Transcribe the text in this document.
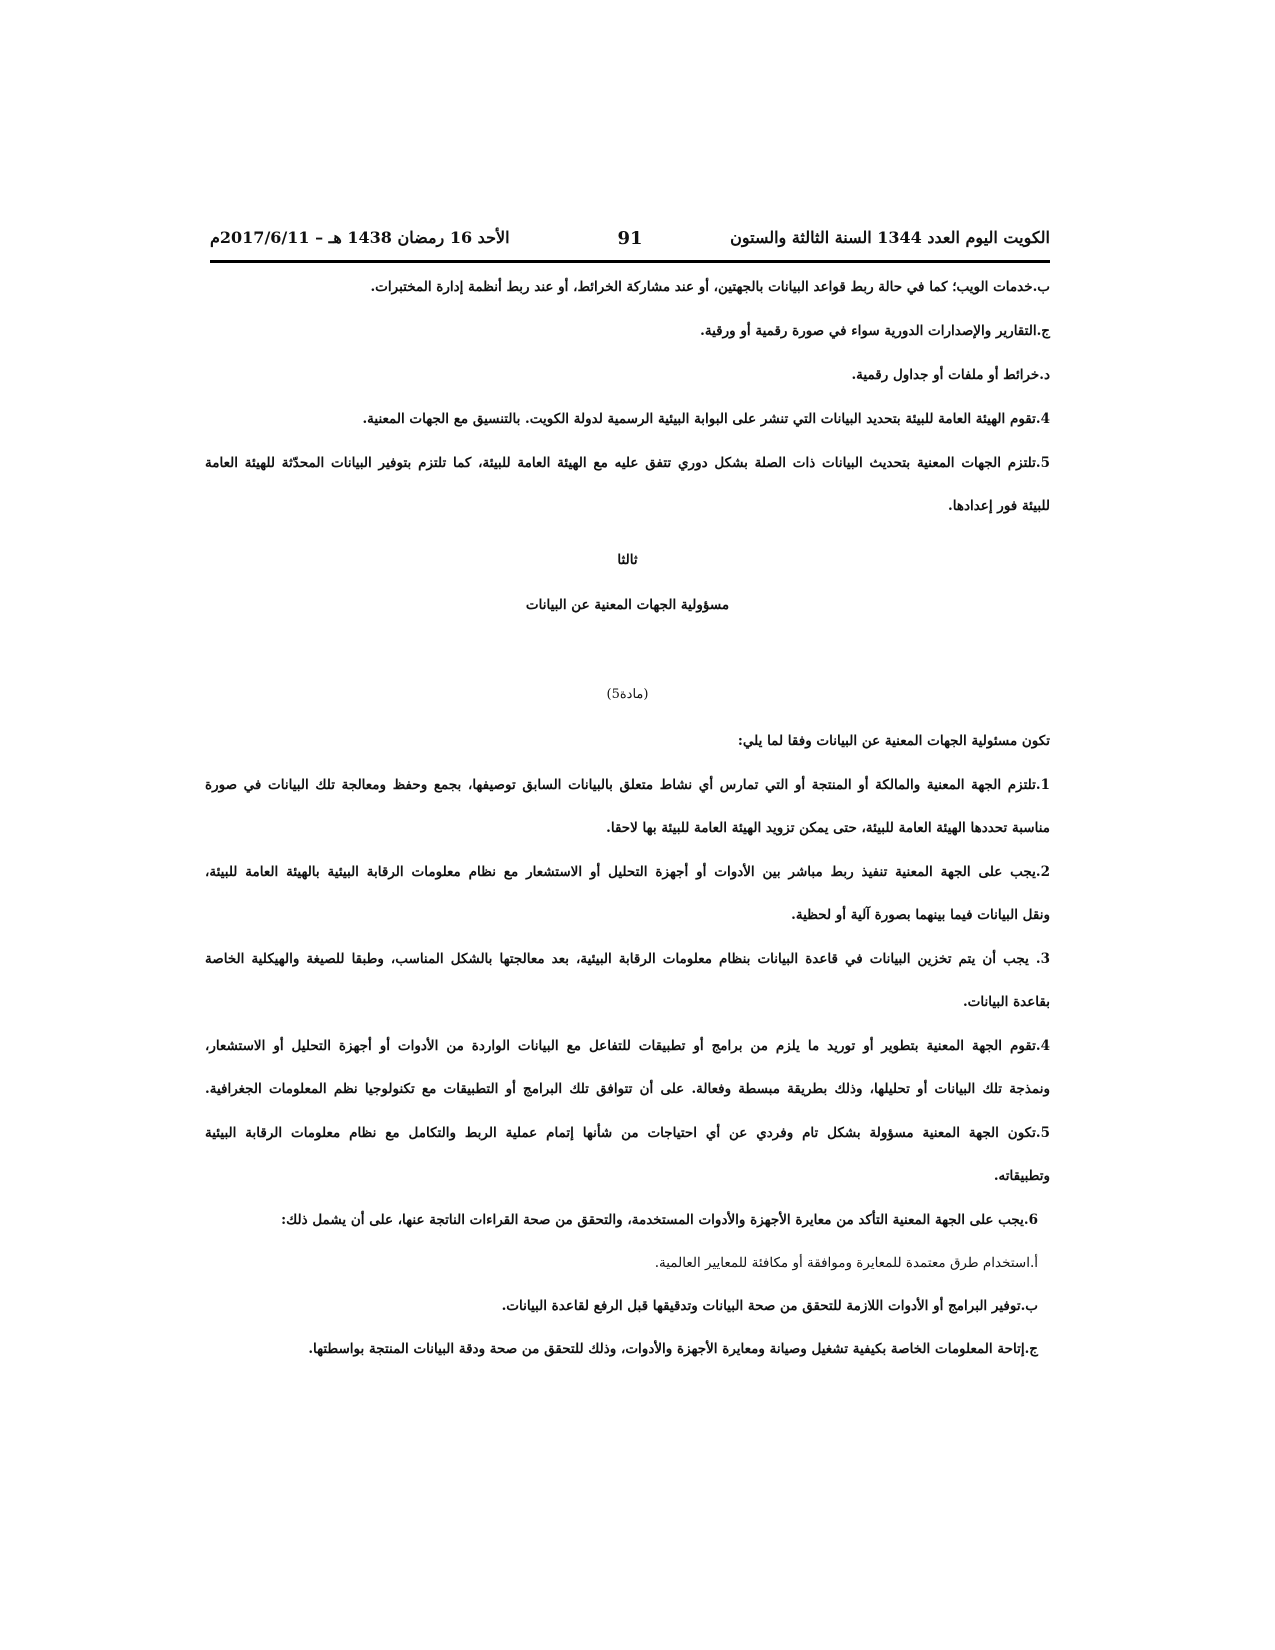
الكويت اليوم العدد 1344 السنة الثالثة والستون
91
الأحد 16 رمضان 1438 هـ – 2017/6/11م

ب.خدمات الويب؛ كما في حالة ربط قواعد البيانات بالجهتين، أو عند مشاركة الخرائط، أو عند ربط أنظمة إدارة المختبرات.

ج.التقارير والإصدارات الدورية سواء في صورة رقمية أو ورقية.

د.خرائط أو ملفات أو جداول رقمية.

4.تقوم الهيئة العامة للبيئة بتحديد البيانات التي تنشر على البوابة البيئية الرسمية لدولة الكويت. بالتنسيق مع الجهات المعنية.

5.تلتزم الجهات المعنية بتحديث البيانات ذات الصلة بشكل دوري تتفق عليه مع الهيئة العامة للبيئة، كما تلتزم بتوفير البيانات المحدّثة للهيئة العامة

للبيئة فور إعدادها.

ثالثا

مسؤولية الجهات المعنية عن البيانات

(مادة5)

تكون مسئولية الجهات المعنية عن البيانات وفقا لما يلي:

1.تلتزم الجهة المعنية والمالكة أو المنتجة أو التي تمارس أي نشاط متعلق بالبيانات السابق توصيفها، بجمع وحفظ ومعالجة تلك البيانات في صورة

مناسبة تحددها الهيئة العامة للبيئة، حتى يمكن تزويد الهيئة العامة للبيئة بها لاحقا.

2.يجب على الجهة المعنية تنفيذ ربط مباشر بين الأدوات أو أجهزة التحليل أو الاستشعار مع نظام معلومات الرقابة البيئية بالهيئة العامة للبيئة،

ونقل البيانات فيما بينهما بصورة آلية أو لحظية.

3. يجب أن يتم تخزين البيانات في قاعدة البيانات بنظام معلومات الرقابة البيئية، بعد معالجتها بالشكل المناسب، وطبقا للصيغة والهيكلية الخاصة

بقاعدة البيانات.

4.تقوم الجهة المعنية بتطوير أو توريد ما يلزم من برامج أو تطبيقات للتفاعل مع البيانات الواردة من الأدوات أو أجهزة التحليل أو الاستشعار،

ونمذجة تلك البيانات أو تحليلها، وذلك بطريقة مبسطة وفعالة. على أن تتوافق تلك البرامج أو التطبيقات مع تكنولوجيا نظم المعلومات الجغرافية.

5.تكون الجهة المعنية مسؤولة بشكل تام وفردي عن أي احتياجات من شأنها إتمام عملية الربط والتكامل مع نظام معلومات الرقابة البيئية

وتطبيقاته.

6.يجب على الجهة المعنية التأكد من معايرة الأجهزة والأدوات المستخدمة، والتحقق من صحة القراءات الناتجة عنها، على أن يشمل ذلك:

أ.استخدام طرق معتمدة للمعايرة وموافقة أو مكافئة للمعايير العالمية.

ب.توفير البرامج أو الأدوات اللازمة للتحقق من صحة البيانات وتدقيقها قبل الرفع لقاعدة البيانات.

ج.إتاحة المعلومات الخاصة بكيفية تشغيل وصيانة ومعايرة الأجهزة والأدوات، وذلك للتحقق من صحة ودقة البيانات المنتجة بواسطتها.
